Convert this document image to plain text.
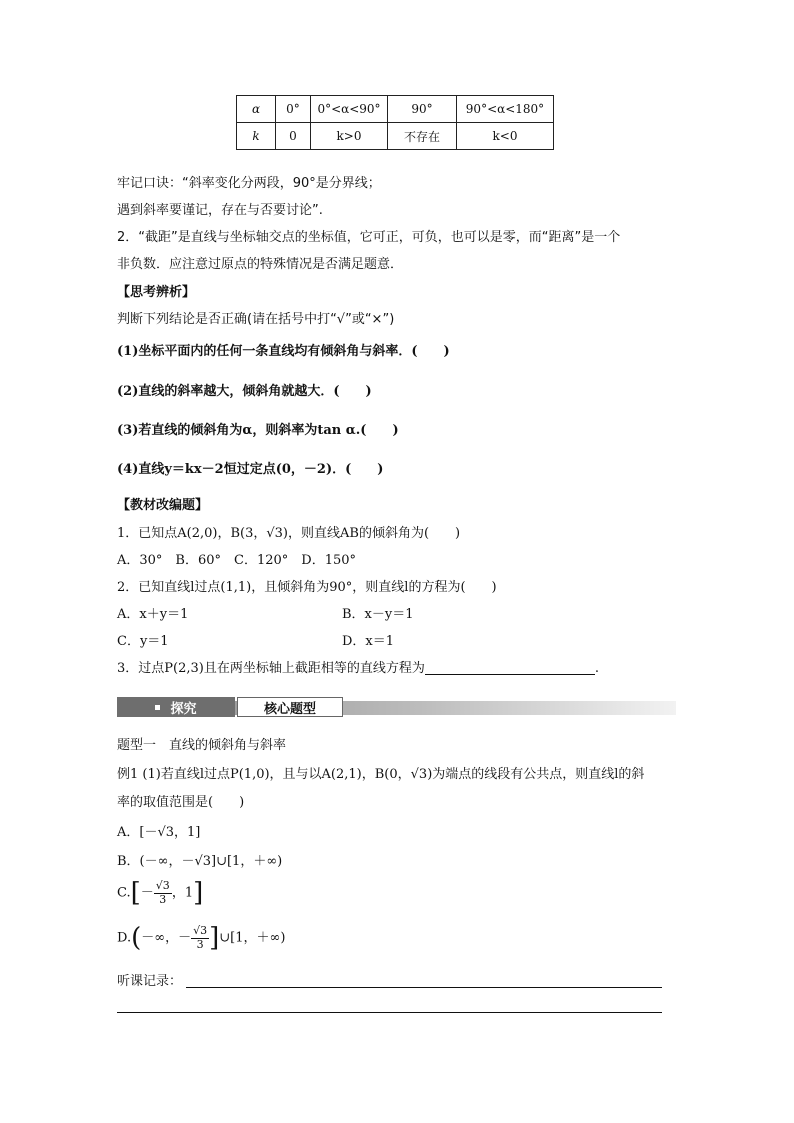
α	0°	0°<α<90°	90°	90°<α<180°
k	0	k>0	不存在	k<0
牢记口诀：“斜率变化分两段，90°是分界线；
遇到斜率要谨记，存在与否要讨论”.
2．“截距”是直线与坐标轴交点的坐标值，它可正，可负，也可以是零，而“距离”是一个
非负数．应注意过原点的特殊情况是否满足题意．
【思考辨析】
判断下列结论是否正确(请在括号中打“√”或“×”)
(1)坐标平面内的任何一条直线均有倾斜角与斜率．(　　)
(2)直线的斜率越大，倾斜角就越大．(　　)
(3)若直线的倾斜角为α，则斜率为tan α.(　　)
(4)直线y＝kx－2恒过定点(0，－2)．(　　)
【教材改编题】
1．已知点A(2,0)，B(3，√3)，则直线AB的倾斜角为(　　)
A．30°　B．60°　C．120°　D．150°
2．已知直线l过点(1,1)，且倾斜角为90°，则直线l的方程为(　　)
A．x＋y＝1	B．x－y＝1
C．y＝1	D．x＝1
3．过点P(2,3)且在两坐标轴上截距相等的直线方程为	.
探究	核心题型
题型一　直线的倾斜角与斜率
例1 (1)若直线l过点P(1,0)，且与以A(2,1)，B(0，√3)为端点的线段有公共点，则直线l的斜
率的取值范围是(　　)
A．[－√3，1]
B．(－∞，－√3]∪[1，＋∞)
$C.[- \frac{√3}{3}$ ，1]
D.(－∞，－ $\frac{√3}{3}$ ]∪[1，＋∞)
听课记录：
